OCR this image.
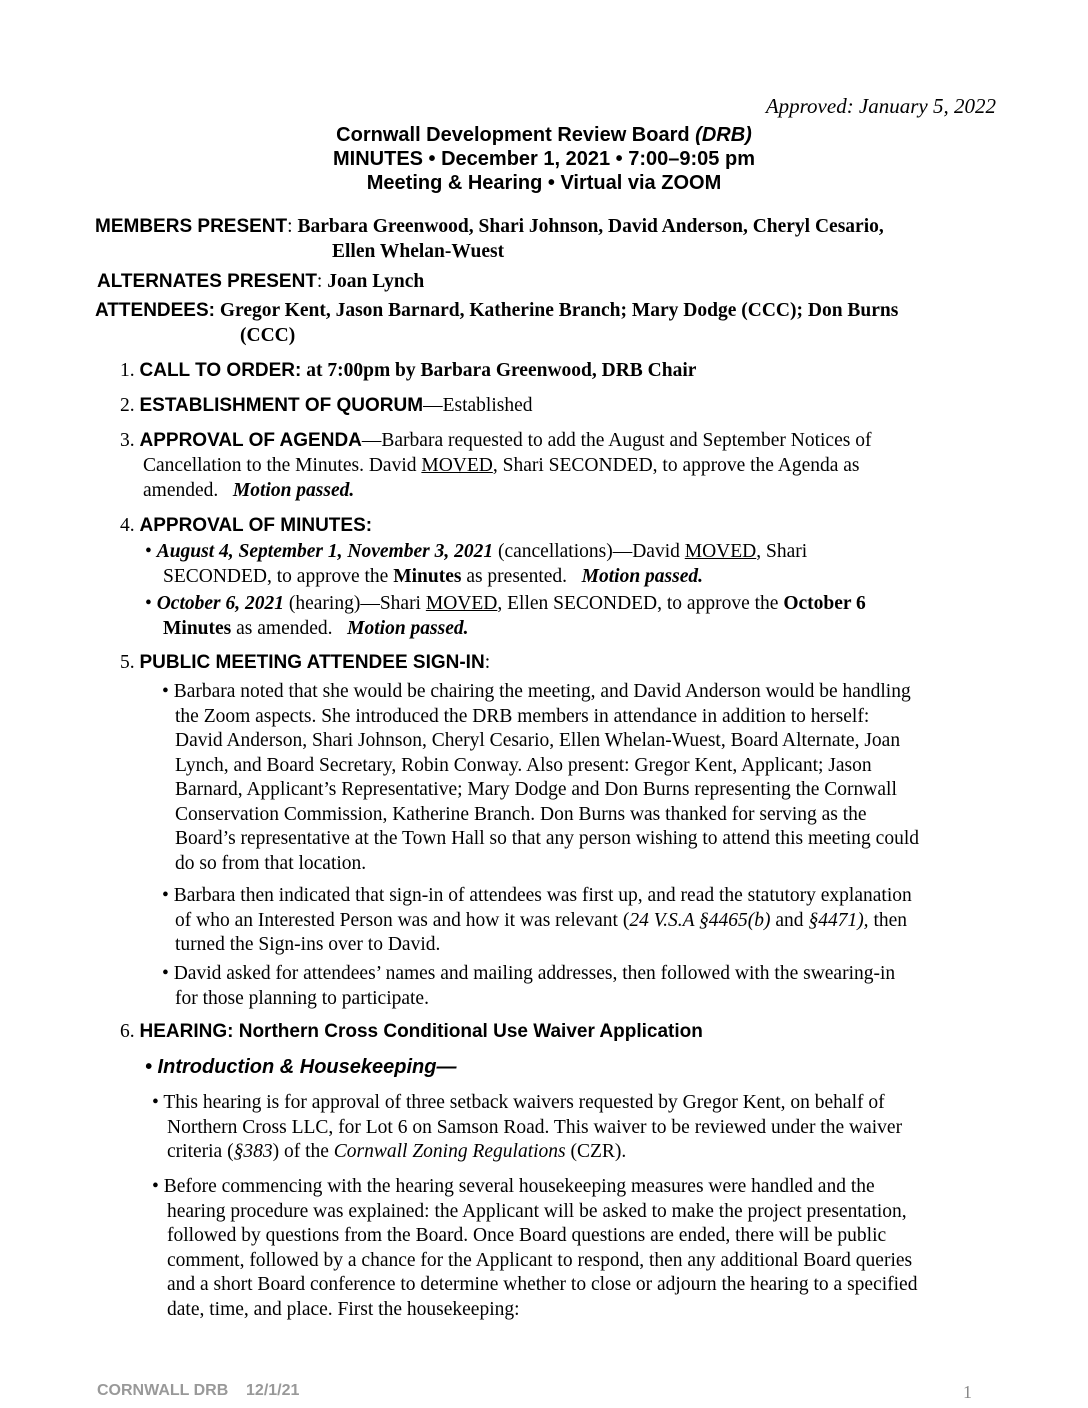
Approved: January 5, 2022
Cornwall Development Review Board (DRB)
MINUTES • December 1, 2021 • 7:00–9:05 pm
Meeting & Hearing • Virtual via ZOOM
MEMBERS PRESENT: Barbara Greenwood, Shari Johnson, David Anderson, Cheryl Cesario,
Ellen Whelan-Wuest
ALTERNATES PRESENT: Joan Lynch
ATTENDEES: Gregor Kent, Jason Barnard, Katherine Branch; Mary Dodge (CCC); Don Burns
(CCC)
1. CALL TO ORDER: at 7:00pm by Barbara Greenwood, DRB Chair
2. ESTABLISHMENT OF QUORUM—Established
3. APPROVAL OF AGENDA—Barbara requested to add the August and September Notices of
Cancellation to the Minutes. David MOVED, Shari SECONDED, to approve the Agenda as
amended. Motion passed.
4. APPROVAL OF MINUTES:
• August 4, September 1, November 3, 2021 (cancellations)—David MOVED, Shari
SECONDED, to approve the Minutes as presented. Motion passed.
• October 6, 2021 (hearing)—Shari MOVED, Ellen SECONDED, to approve the October 6
Minutes as amended. Motion passed.
5. PUBLIC MEETING ATTENDEE SIGN-IN:
• Barbara noted that she would be chairing the meeting, and David Anderson would be handling
the Zoom aspects. She introduced the DRB members in attendance in addition to herself:
David Anderson, Shari Johnson, Cheryl Cesario, Ellen Whelan-Wuest, Board Alternate, Joan
Lynch, and Board Secretary, Robin Conway. Also present: Gregor Kent, Applicant; Jason
Barnard, Applicant’s Representative; Mary Dodge and Don Burns representing the Cornwall
Conservation Commission, Katherine Branch. Don Burns was thanked for serving as the
Board’s representative at the Town Hall so that any person wishing to attend this meeting could
do so from that location.
• Barbara then indicated that sign-in of attendees was first up, and read the statutory explanation
of who an Interested Person was and how it was relevant (24 V.S.A §4465(b) and §4471), then
turned the Sign-ins over to David.
• David asked for attendees’ names and mailing addresses, then followed with the swearing-in
for those planning to participate.
6. HEARING: Northern Cross Conditional Use Waiver Application
• Introduction & Housekeeping—
• This hearing is for approval of three setback waivers requested by Gregor Kent, on behalf of
Northern Cross LLC, for Lot 6 on Samson Road. This waiver to be reviewed under the waiver
criteria (§383) of the Cornwall Zoning Regulations (CZR).
• Before commencing with the hearing several housekeeping measures were handled and the
hearing procedure was explained: the Applicant will be asked to make the project presentation,
followed by questions from the Board. Once Board questions are ended, there will be public
comment, followed by a chance for the Applicant to respond, then any additional Board queries
and a short Board conference to determine whether to close or adjourn the hearing to a specified
date, time, and place. First the housekeeping:
CORNWALL DRB    12/1/21	1
